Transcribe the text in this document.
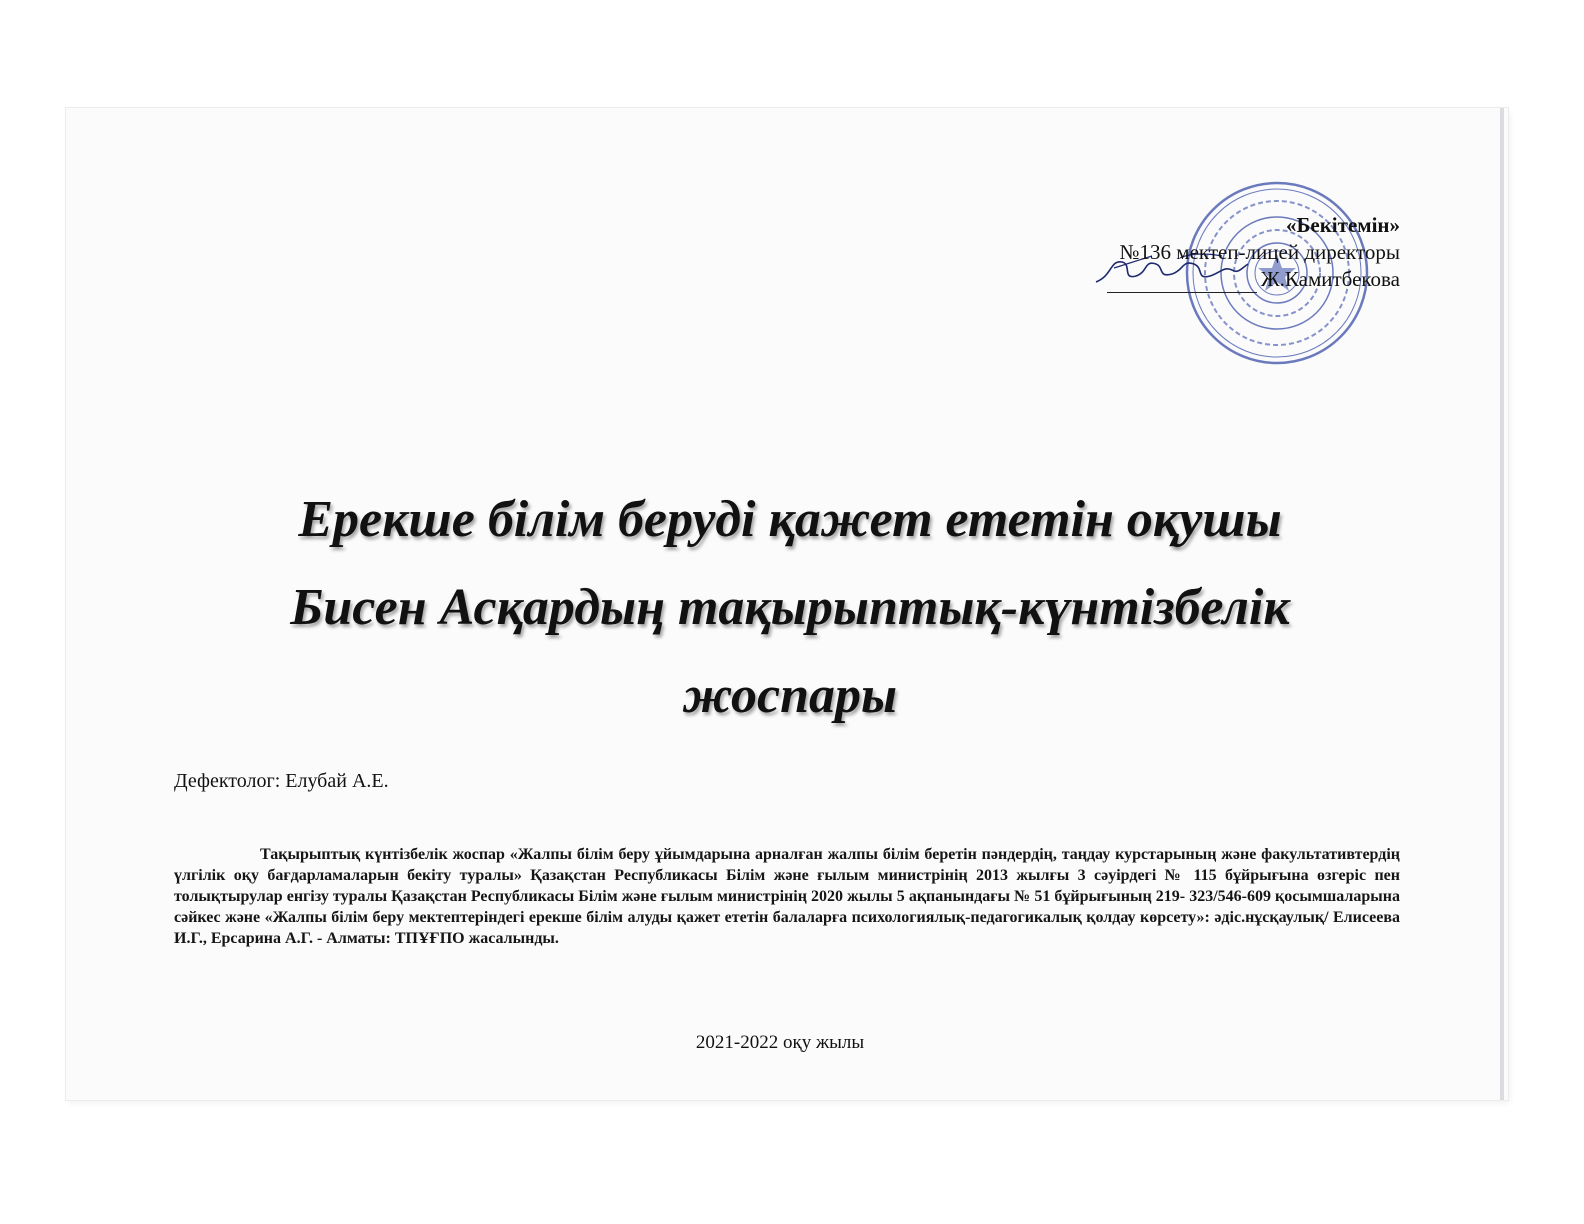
«Бекітемін»
№136 мектеп-лицей директоры
Ж.Камитбекова
Ерекше білім беруді қажет ететін оқушы
Бисен Асқардың тақырыптық-күнтізбелік
жоспары
Дефектолог: Елубай А.Е.
Тақырыптық күнтізбелік жоспар «Жалпы білім беру ұйымдарына арналған жалпы білім беретін пәндердің, таңдау курстарының және факультативтердің үлгілік оқу бағдарламаларын бекіту туралы» Қазақстан Республикасы Білім және ғылым министрінің 2013 жылғы 3 сәуірдегі № 115 бұйрығына өзгеріс пен толықтырулар енгізу туралы Қазақстан Республикасы Білім және ғылым министрінің 2020 жылы 5 ақпанындағы № 51 бұйрығының 219- 323/546-609 қосымшаларына сәйкес және «Жалпы білім беру мектептеріндегі ерекше білім алуды қажет ететін балаларға психологиялық-педагогикалық қолдау көрсету»: әдіс.нұсқаулық/ Елисеева И.Г., Ерсарина А.Г. - Алматы: ТПҰҒПО жасалынды.
2021-2022 оқу жылы
